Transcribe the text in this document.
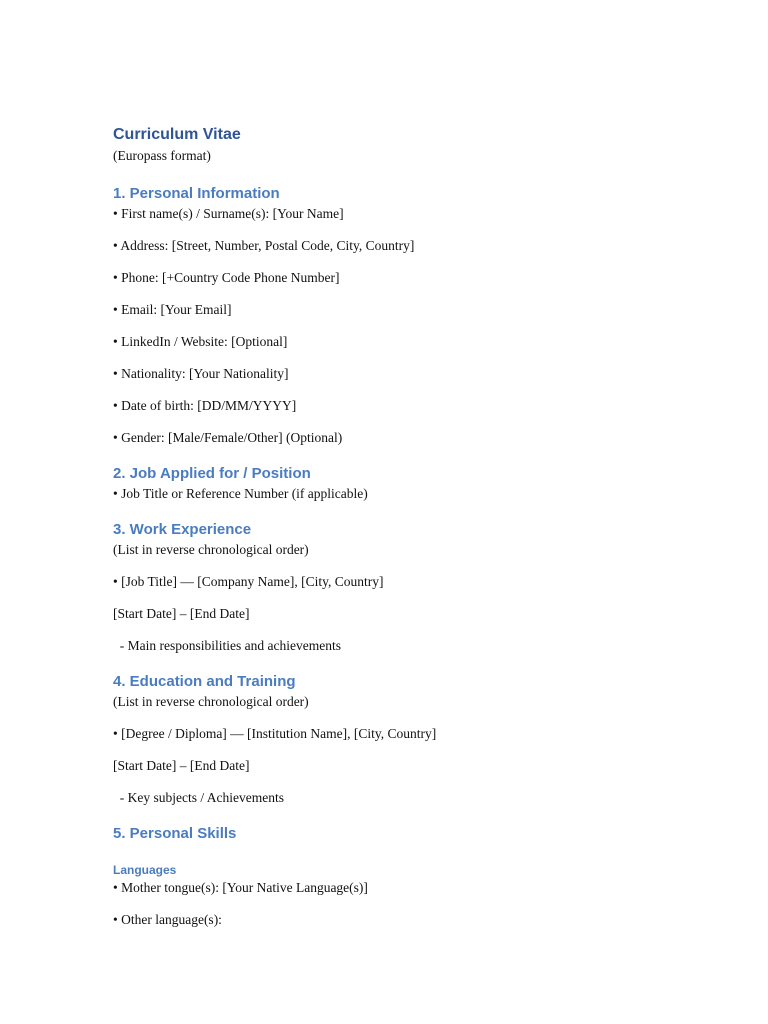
Curriculum Vitae
(Europass format)
1. Personal Information
• First name(s) / Surname(s): [Your Name]
• Address: [Street, Number, Postal Code, City, Country]
• Phone: [+Country Code Phone Number]
• Email: [Your Email]
• LinkedIn / Website: [Optional]
• Nationality: [Your Nationality]
• Date of birth: [DD/MM/YYYY]
• Gender: [Male/Female/Other] (Optional)
2. Job Applied for / Position
• Job Title or Reference Number (if applicable)
3. Work Experience
(List in reverse chronological order)
• [Job Title] — [Company Name], [City, Country]
[Start Date] – [End Date]
- Main responsibilities and achievements
4. Education and Training
(List in reverse chronological order)
• [Degree / Diploma] — [Institution Name], [City, Country]
[Start Date] – [End Date]
- Key subjects / Achievements
5. Personal Skills
Languages
• Mother tongue(s): [Your Native Language(s)]
• Other language(s):
